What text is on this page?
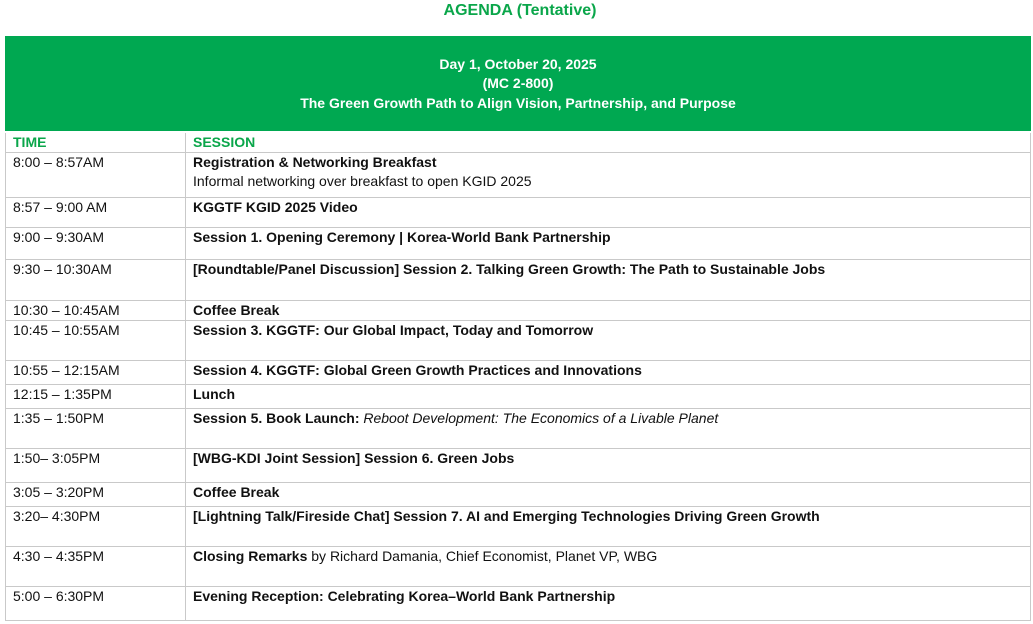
AGENDA (Tentative)
Day 1, October 20, 2025
(MC 2-800)
The Green Growth Path to Align Vision, Partnership, and Purpose	

TIME	SESSION
8:00 – 8:57AM	Registration & Networking Breakfast
Informal networking over breakfast to open KGID 2025
8:57 – 9:00 AM	KGGTF KGID 2025 Video
9:00 – 9:30AM	Session 1. Opening Ceremony | Korea-World Bank Partnership
9:30 – 10:30AM	[Roundtable/Panel Discussion] Session 2. Talking Green Growth: The Path to Sustainable Jobs
10:30 – 10:45AM	Coffee Break
10:45 – 10:55AM	Session 3. KGGTF: Our Global Impact, Today and Tomorrow
10:55 – 12:15AM	Session 4. KGGTF: Global Green Growth Practices and Innovations
12:15 – 1:35PM	Lunch
1:35 – 1:50PM	Session 5. Book Launch: Reboot Development: The Economics of a Livable Planet
1:50– 3:05PM	[WBG-KDI Joint Session] Session 6. Green Jobs
3:05 – 3:20PM	Coffee Break
3:20– 4:30PM	[Lightning Talk/Fireside Chat] Session 7. AI and Emerging Technologies Driving Green Growth
4:30 – 4:35PM	Closing Remarks by Richard Damania, Chief Economist, Planet VP, WBG
5:00 – 6:30PM	Evening Reception: Celebrating Korea–World Bank Partnership
